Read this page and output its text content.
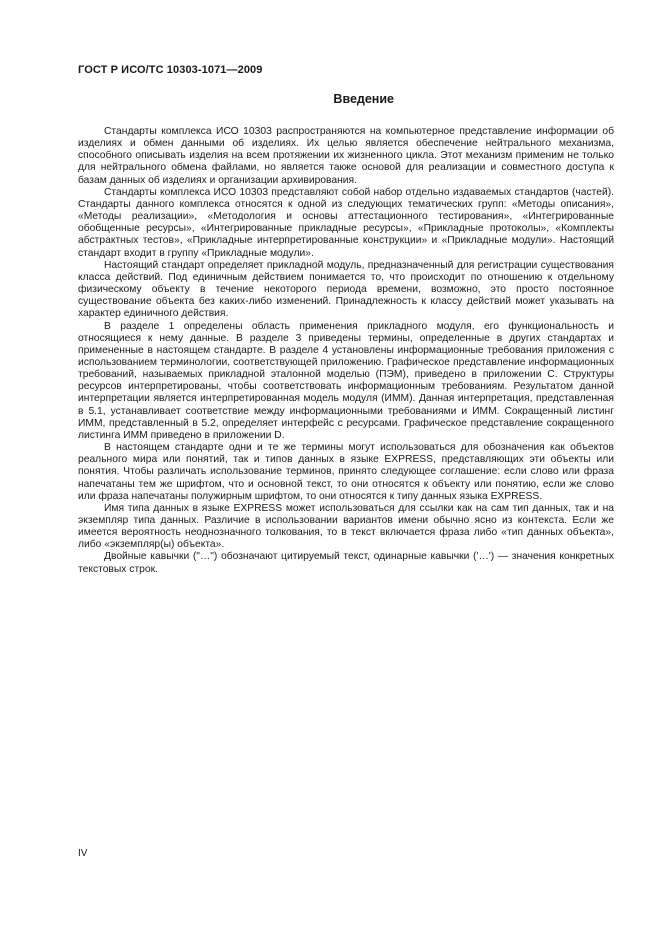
ГОСТ Р ИСО/ТС 10303-1071—2009
Введение

Стандарты комплекса ИСО 10303 распространяются на компьютерное представление информации об изделиях и обмен данными об изделиях. Их целью является обеспечение нейтрального механизма, способного описывать изделия на всем протяжении их жизненного цикла. Этот механизм применим не только для нейтрального обмена файлами, но является также основой для реализации и совместного доступа к базам данных об изделиях и организации архивирования.

Стандарты комплекса ИСО 10303 представляют собой набор отдельно издаваемых стандартов (частей). Стандарты данного комплекса относятся к одной из следующих тематических групп: «Методы описания», «Методы реализации», «Методология и основы аттестационного тестирования», «Интегрированные обобщенные ресурсы», «Интегрированные прикладные ресурсы», «Прикладные протоколы», «Комплекты абстрактных тестов», «Прикладные интерпретированные конструкции» и «Прикладные модули». Настоящий стандарт входит в группу «Прикладные модули».

Настоящий стандарт определяет прикладной модуль, предназначенный для регистрации существования класса действий. Под единичным действием понимается то, что происходит по отношению к отдельному физическому объекту в течение некоторого периода времени, возможно, это просто постоянное существование объекта без каких-либо изменений. Принадлежность к классу действий может указывать на характер единичного действия.

В разделе 1 определены область применения прикладного модуля, его функциональность и относящиеся к нему данные. В разделе 3 приведены термины, определенные в других стандартах и примененные в настоящем стандарте. В разделе 4 установлены информационные требования приложения с использованием терминологии, соответствующей приложению. Графическое представление информационных требований, называемых прикладной эталонной моделью (ПЭМ), приведено в приложении C. Структуры ресурсов интерпретированы, чтобы соответствовать информационным требованиям. Результатом данной интерпретации является интерпретированная модель модуля (ИММ). Данная интерпретация, представленная в 5.1, устанавливает соответствие между информационными требованиями и ИММ. Сокращенный листинг ИММ, представленный в 5.2, определяет интерфейс с ресурсами. Графическое представление сокращенного листинга ИММ приведено в приложении D.

В настоящем стандарте одни и те же термины могут использоваться для обозначения как объектов реального мира или понятий, так и типов данных в языке EXPRESS, представляющих эти объекты или понятия. Чтобы различать использование терминов, принято следующее соглашение: если слово или фраза напечатаны тем же шрифтом, что и основной текст, то они относятся к объекту или понятию, если же слово или фраза напечатаны полужирным шрифтом, то они относятся к типу данных языка EXPRESS.

Имя типа данных в языке EXPRESS может использоваться для ссылки как на сам тип данных, так и на экземпляр типа данных. Различие в использовании вариантов имени обычно ясно из контекста. Если же имеется вероятность неоднозначного толкования, то в текст включается фраза либо «тип данных объекта», либо «экземпляр(ы) объекта».

Двойные кавычки ("…") обозначают цитируемый текст, одинарные кавычки ('…') — значения конкретных текстовых строк.

IV
